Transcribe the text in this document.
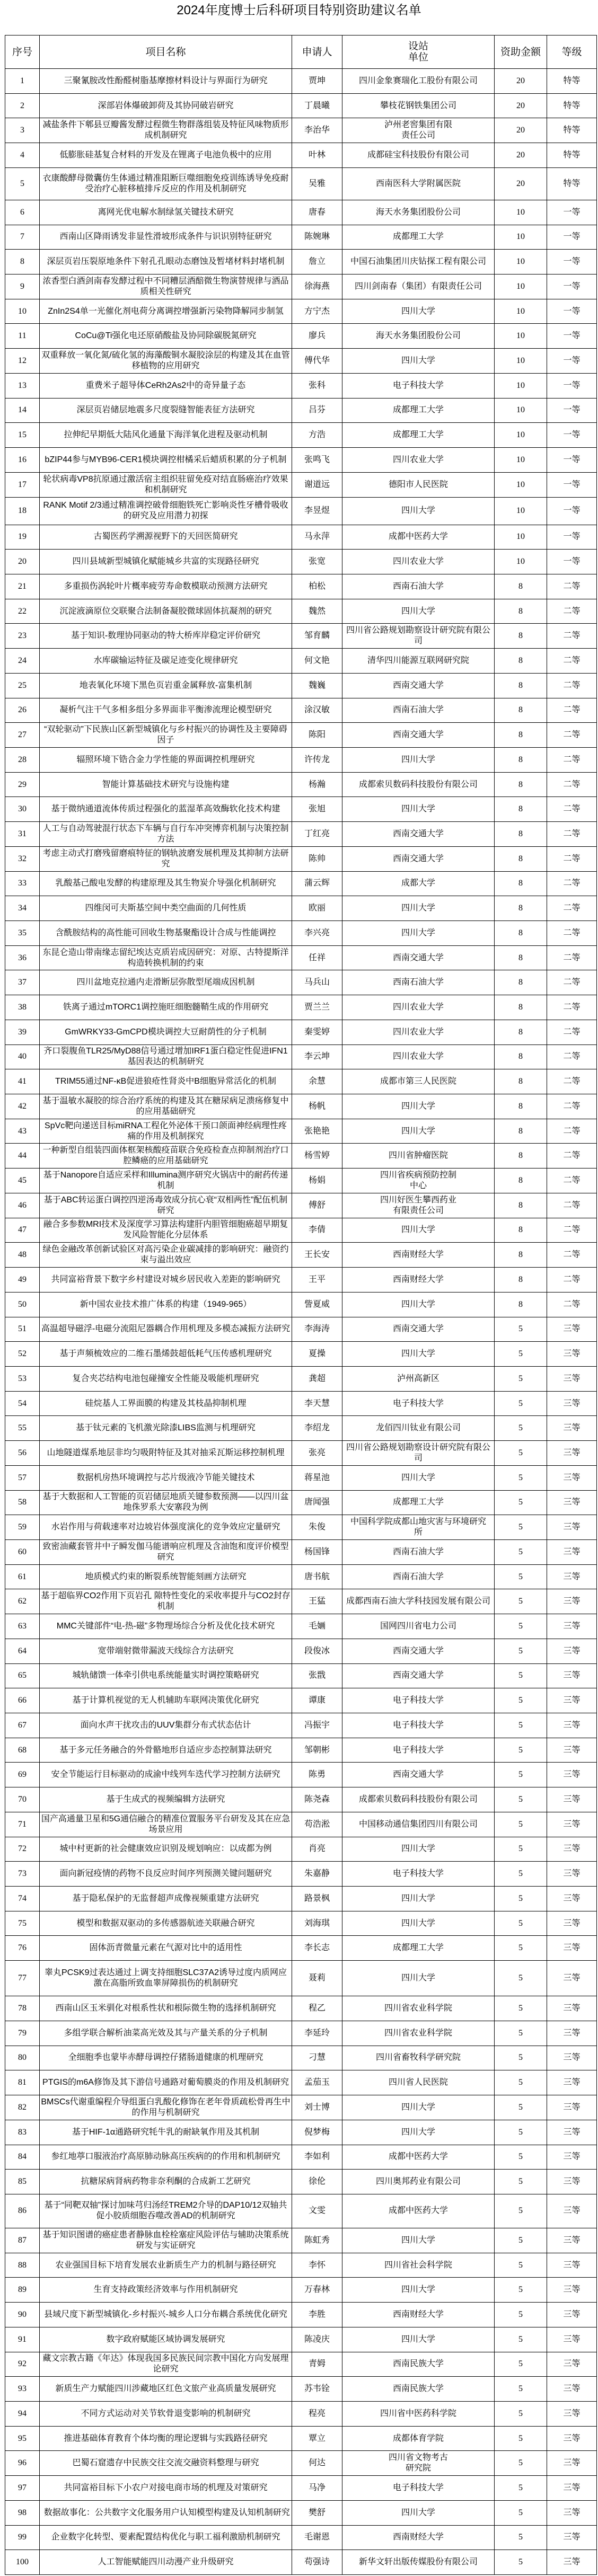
2024年度博士后科研项目特别资助建议名单
序号	项目名称	申请人	设站
单位	资助金额	等级
1	三聚氰胺改性酚醛树脂基摩擦材料设计与界面行为研究	贾坤	四川金象赛瑞化工股份有限公司	20	特等
2	深部岩体爆破卸荷及其协同破岩研究	丁晨曦	攀枝花钢铁集团公司	20	特等
3	减盐条件下郫县豆瓣酱发酵过程微生物群落组装及特征风味物质形成机制研究	李治华	泸州老窖集团有限
责任公司	20	特等
4	低膨胀硅基复合材料的开发及在锂离子电池负极中的应用	叶林	成都硅宝科技股份有限公司	20	特等
5	衣康酸酵母微囊仿生体通过精准阻断巨噬细胞免疫训练诱导免疫耐受治疗心脏移植排斥反应的作用及机制研究	吴雅	西南医科大学附属医院	20	特等
6	离网光优电解水制绿氢关键技术研究	唐春	海天水务集团股份公司	10	一等
7	西南山区降雨诱发非显性滑坡形成条件与识识别特征研究	陈婉琳	成都理工大学	10	一等
8	深层页岩压裂原地条件下射孔孔眼动态磨蚀及暂堵材料封堵机制	詹立	中国石油集团川庆钻探工程有限公司	10	一等
9	浓香型白酒剑南春发酵过程中不同糟层酒醅微生物演替规律与酒品质相关性研究	徐海燕	四川剑南春（集团）有限责任公司	10	一等
10	ZnIn2S4单一光催化剂电荷分离调控增强新污染物降解同步制氢	方宁杰	四川大学	10	一等
11	CoCu@Ti强化电还原硝酸盐及协同除碳脱氮研究	廖兵	海天水务集团股份公司	10	一等
12	双重释放一氧化氮/硫化氢的海藻酸铜水凝胶涂层的构建及其在血管移植物的应用研究	傅代华	四川大学	10	一等
13	重费米子超导体CeRh2As2中的奇异量子态	张科	电子科技大学	10	一等
14	深层页岩储层地震多尺度裂缝智能表征方法研究	吕芬	成都理工大学	10	一等
15	拉伸纪早期低大陆风化通量下海洋氧化进程及驱动机制	方浩	成都理工大学	10	一等
16	bZIP44参与MYB96-CER1模块调控柑橘采后蜡质积累的分子机制	张鸣飞	四川农业大学	10	一等
17	轮状病毒VP8抗原通过激活宿主组织驻留免疫对结直肠癌治疗效果和机制研究	谢道远	德阳市人民医院	10	一等
18	RANK Motif 2/3通过精准调控破骨细胞铁死亡影响炎性牙槽骨吸收的研究及应用潜力初探	李昱煜	四川大学	10	一等
19	古蜀医药学溯源视野下的天回医简研究	马永萍	成都中医药大学	10	一等
20	四川县域新型城镇化赋能城乡共富的实现路径研究	张宽	四川农业大学	10	一等
21	多重损伤涡轮叶片概率疲劳寿命数模联动预测方法研究	柏松	西南石油大学	8	二等
22	沉淀液滴原位交联聚合法制备凝胶微球固体抗凝剂的研究	魏然	四川大学	8	二等
23	基于知识-数理协同驱动的特大桥库岸稳定评价研究	邹育麟	四川省公路规划勘察设计研究院有限公
司	8	二等
24	水库碳输运特征及碳足迹变化规律研究	何文艳	清华四川能源互联网研究院	8	二等
25	地表氧化环境下黑色页岩重金属释放-富集机制	魏巍	西南交通大学	8	二等
26	凝析气注干气多相多组分多界面非平衡渗流理论模型研究	涂汉敏	西南石油大学	8	二等
27	“双轮驱动”下民族山区新型城镇化与乡村振兴的协调性及主要障碍因子	陈阳	西南交通大学	8	二等
28	辐照环境下锆合金力学性能的界面调控机理研究	许传龙	四川大学	8	二等
29	智能计算基础技术研究与设施构建	杨瀚	成都索贝数码科技股份有限公司	8	二等
30	基于微纳通道流体传质过程强化的蓝湿革高效酶软化技术构建	张旭	四川大学	8	二等
31	人工与自动驾驶混行状态下车辆与自行车冲突博弈机制与决策控制方法	丁红亮	西南交通大学	8	二等
32	考虑主动式打磨残留磨痕特征的钢轨波磨发展机理及其抑制方法研究	陈帅	西南交通大学	8	二等
33	乳酸基己酸电发酵的构建原理及其生物炭介导强化机制研究	蒲云辉	成都大学	8	二等
34	四维闵可夫斯基空间中类空曲面的几何性质	欧丽	四川大学	8	二等
35	含酰胺结构的高性能可回收生物基聚酯设计合成与性能调控	李兴亮	四川大学	8	二等
36	东昆仑造山带南缘志留纪埃达克质岩成因研究：对原、古特提斯洋构造转换机制的约束	任祥	西南交通大学	8	二等
37	四川盆地克拉通内走滑断层弥散型尾端成因机制	马兵山	西南石油大学	8	二等
38	铁离子通过mTORC1调控施旺细胞髓鞘生成的作用研究	贾兰兰	四川农业大学	8	二等
39	GmWRKY33-GmCPD模块调控大豆耐荫性的分子机制	秦雯婷	四川农业大学	8	二等
40	齐口裂腹鱼TLR25/MyD88信号通过增加IRF1蛋白稳定性促进IFN1基因表达的机制研究	李云坤	四川农业大学	8	二等
41	TRIM55通过NF-κB促进狼疮性肾炎中B细胞异常活化的机制	余慧	成都市第三人民医院	8	二等
42	基于温敏水凝胶的综合治疗系统的构建及其在糖尿病足溃疡修复中的应用基础研究	杨帆	四川大学	8	二等
43	SpVc靶向递送目标miRNA工程化外泌体干预口颌面神经病理性疼痛的作用及机制探究	张艳艳	四川大学	8	二等
44	一种新型自组装四面体框架核酸疫苗联合免疫检查点抑制剂治疗口腔鳞癌的应用基础研究	杨雪婷	四川省肿瘤医院	8	二等
45	基于Nanopore自适应采样和Illumina测序研究火锅店中的耐药传递机制	杨娟	四川省疾病预防控制
中心	8	二等
46	基于ABC转运蛋白调控四逆汤毒效成分抗心衰“双相两性”配伍机制研究	傅舒	四川好医生攀西药业
有限责任公司	8	二等
47	融合多参数MRI技术及深度学习算法构建肝内胆管细胞癌超早期复发风险智能化分层体系	李倩	四川大学	8	二等
48	绿色金融改革创新试验区对高污染企业碳减排的影响研究：融资约束与溢出效应	王长安	西南财经大学	8	二等
49	共同富裕背景下数字乡村建设对城乡居民收入差距的影响研究	王平	西南财经大学	8	二等
50	新中国农业技术推广体系的构建（1949-965）	訾夏威	四川大学	8	二等
51	高温超导磁浮-电磁分流阻尼器耦合作用机理及多模态减振方法研究	李海涛	西南交通大学	5	三等
52	基于声频梳效应的二维石墨烯鼓超低耗气压传感机理研究	夏操	四川大学	5	三等
53	复合夹芯结构电池包碰撞安全性能及吸能机理研究	龚超	泸州高新区	5	三等
54	硅烷基人工界面膜的构建及其枝晶抑制机理	李天慧	电子科技大学	5	三等
55	基于钛元素的飞机激光除漆LIBS监测与机理研究	李绍龙	龙佰四川钛业有限公司	5	三等
56	山地隧道煤系地层非均匀吸附特征及其对抽采瓦斯运移控制机理	张亮	四川省公路规划勘察设计研究院有限公
司	5	三等
57	数据机房热环境调控与芯片级液冷节能关键技术	蒋星池	四川大学	5	三等
58	基于大数据和人工智能的页岩储层地质关键参数预测——以四川盆地侏罗系大安寨段为例	唐闻强	成都理工大学	5	三等
59	水岩作用与荷载速率对边坡岩体强度演化的竞争效应定量研究	朱俊	中国科学院成都山地灾害与环境研究
所	5	三等
60	致密油藏套管井中子瞬发伽马能谱响应机理及含油饱和度评价模型研究	杨国锋	西南石油大学	5	三等
61	地质模式约束的断裂系统智能刻画方法研究	唐书航	西南石油大学	5	三等
62	基于超临界CO2作用下页岩孔 隙特性变化的采收率提升与CO2封存机制	王猛	成都西南石油大学科技园发展有限公司	5	三等
63	MMC关键部件“电-热-磁”多物理场综合分析及优化技术研究	毛婳	国网四川省电力公司	5	三等
64	宽带端射微带漏波天线综合方法研究	段俊冰	西南交通大学	5	三等
65	城轨储馈一体牵引供电系统能量实时调控策略研究	张戬	西南交通大学	5	三等
66	基于计算机视觉的无人机辅助车联网决策优化研究	谭康	电子科技大学	5	三等
67	面向水声干扰攻击的UUV集群分布式状态估计	冯振宇	电子科技大学	5	三等
68	基于多元任务融合的外骨骼地形自适应步态控制算法研究	邹朝彬	电子科技大学	5	三等
69	安全节能运行目标驱动的成渝中线列车迭代学习控制方法研究	陈勇	西南交通大学	5	三等
70	基于生成式的视频编辑方法研究	陈尧森	成都索贝数码科技股份有限公司	5	三等
71	国产高通量卫星和5G通信融合的精准位置服务平台研发及其在应急场景应用	苟浩淞	中国移动通信集团四川有限公司	5	三等
72	城中村更新的社会健康效应识别及规划响应：以成都为例	肖亮	四川大学	5	三等
73	面向新冠疫情的药物不良反应时间序列预测关键问题研究	朱嘉静	电子科技大学	5	三等
74	基于隐私保护的无监督超声成像视频重建方法研究	路景枫	四川大学	5	三等
75	模型和数据双驱动的多传感器航迹关联融合研究	刘海琪	四川大学	5	三等
76	固体沥青微量元素在气源对比中的适用性	李长志	成都理工大学	5	三等
77	睾丸PCSK9过表达通过上调支持细胞SLC37A2诱导过度内质网应激在高脂所致血睾屏障损伤的机制研究	聂莉	四川大学	5	三等
78	西南山区玉米驯化对根系性状和根际微生物的选择机制研究	程乙	四川省农业科学院	5	三等
79	多组学联合解析油菜高光效及其与产量关系的分子机制	李延玲	四川省农业科学院	5	三等
80	全细胞季也蒙毕赤酵母调控仔猪肠道健康的机理研究	刁慧	四川省畜牧科学研究院	5	三等
81	PTGIS的m6A修饰及其下游信号通路对葡萄膜炎的作用及机制研究	孟茄玉	四川省人民医院	5	三等
82	BMSCs代谢重编程介导组蛋白乳酸化修饰在老年骨质疏松骨再生中的作用与机制研究	刘士博	四川大学	5	三等
83	基于HIF-1α通路研究牦牛乳的耐缺氧作用及其机制	倪梦梅	四川大学	5	三等
84	参红地葶口服液治疗高原肺动脉高压疾病的的作用和机制研究	李如利	成都中医药大学	5	三等
85	抗糖尿病肾病药物非奈利酮的合成新工艺研究	徐伦	四川奥邦药业有限公司	5	三等
86	基于“同靶双轴”探讨加味芎归汤经TREM2介导的DAP10/12双轴共促小胶质细胞吞噬改善AD的机制研究	文雯	成都中医药大学	5	三等
87	基于知识图谱的癌症患者静脉血栓栓塞症风险评估与辅助决策系统研发与实证研究	陈虹秀	四川大学	5	三等
88	农业强国目标下培育发展农业新质生产力的机制与路径研究	李怀	四川省社会科学院	5	三等
89	生育支持政策经济效率与作用机制研究	万春林	四川大学	5	三等
90	县域尺度下新型城镇化-乡村振兴-城乡人口分布耦合系统优化研究	李胜	西南财经大学	5	三等
91	数字政府赋能区域协调发展研究	陈凌庆	四川大学	5	三等
92	藏文宗教古籍《年达》体现我国多民族民间宗教中国化方向发展理论研究	青姆	西南民族大学	5	三等
93	新质生产力赋能四川涉藏地区红色文旅产业高质量发展研究	苏韦铨	西南民族大学	5	三等
94	不同方式运动对关节软骨退变影响的机制研究	程亮	四川省中医药科学院	5	三等
95	推进基础体育教育个体均衡的理论逻辑与实践路径研究	覃立	成都体育学院	5	三等
96	巴蜀石窟遗存中民族交往交流交融资料整理与研究	何达	四川省文物考古
研究院	5	三等
97	共同富裕目标下小农户对接电商市场的机理及对策研究	马净	电子科技大学	5	三等
98	数据故事化：公共数字文化服务用户认知模型构建及认知机制研究	樊舒	四川大学	5	三等
99	企业数字化转型、要素配置结构优化与职工福利激励机制研究	毛谢恩	西南财经大学	5	三等
100	人工智能赋能四川动漫产业升级研究	苟强诗	新华文轩出版传媒股份有限公司	5	三等
